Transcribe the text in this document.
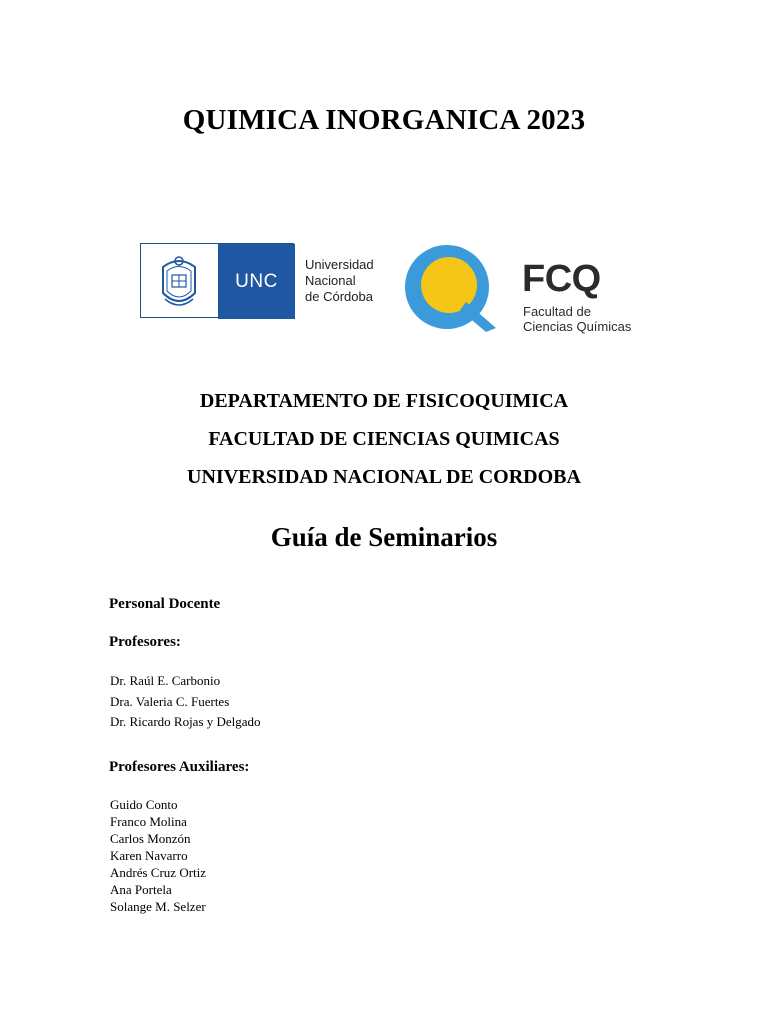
QUIMICA INORGANICA 2023
UNC
Universidad
Nacional
de Córdoba	FCQ
Facultad de
Ciencias Químicas

DEPARTAMENTO DE FISICOQUIMICA

FACULTAD DE CIENCIAS QUIMICAS

UNIVERSIDAD NACIONAL DE CORDOBA

Guía de Seminarios

Personal Docente

Profesores:

Dr. Raúl E. Carbonio
Dra. Valeria C. Fuertes
Dr. Ricardo Rojas y Delgado

Profesores Auxiliares:

Guido Conto
Franco Molina
Carlos Monzón
Karen Navarro
Andrés Cruz Ortiz
Ana Portela
Solange M. Selzer
